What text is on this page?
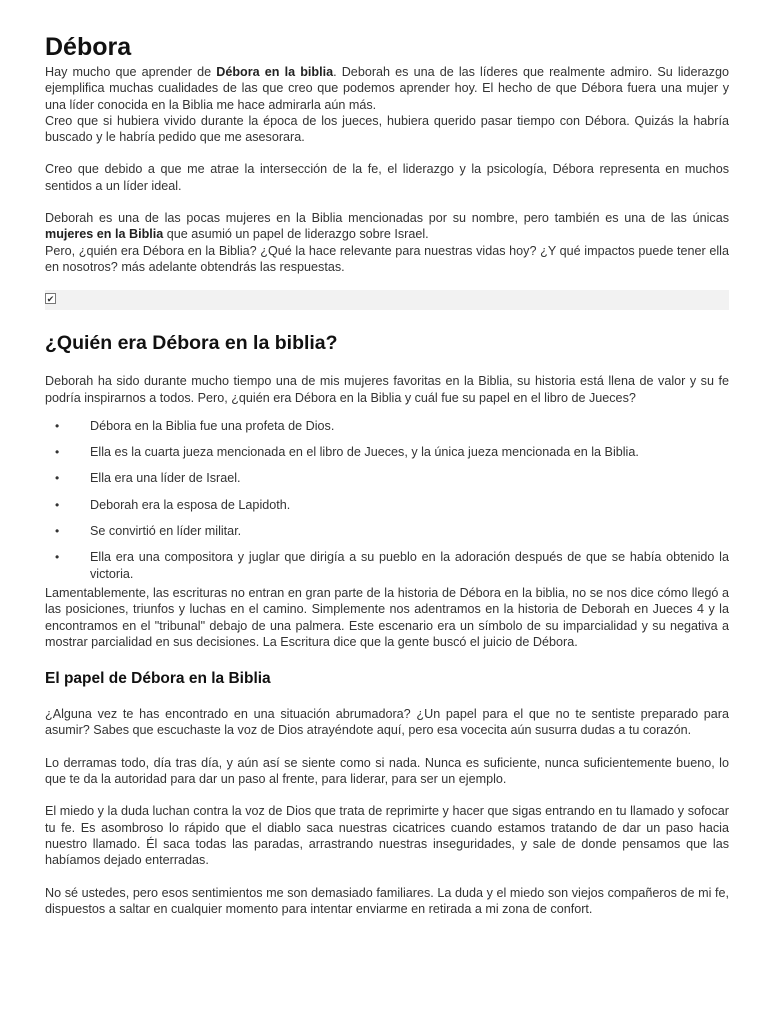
Débora

Hay mucho que aprender de Débora en la biblia. Deborah es una de las líderes que realmente admiro. Su liderazgo ejemplifica muchas cualidades de las que creo que podemos aprender hoy. El hecho de que Débora fuera una mujer y una líder conocida en la Biblia me hace admirarla aún más.

Creo que si hubiera vivido durante la época de los jueces, hubiera querido pasar tiempo con Débora. Quizás la habría buscado y le habría pedido que me asesorara.

Creo que debido a que me atrae la intersección de la fe, el liderazgo y la psicología, Débora representa en muchos sentidos a un líder ideal.

Deborah es una de las pocas mujeres en la Biblia mencionadas por su nombre, pero también es una de las únicas mujeres en la Biblia que asumió un papel de liderazgo sobre Israel.

Pero, ¿quién era Débora en la Biblia? ¿Qué la hace relevante para nuestras vidas hoy? ¿Y qué impactos puede tener ella en nosotros? más adelante obtendrás las respuestas.

✔
¿Quién era Débora en la biblia?

Deborah ha sido durante mucho tiempo una de mis mujeres favoritas en la Biblia, su historia está llena de valor y su fe podría inspirarnos a todos. Pero, ¿quién era Débora en la Biblia y cuál fue su papel en el libro de Jueces?

• Débora en la Biblia fue una profeta de Dios.
• Ella es la cuarta jueza mencionada en el libro de Jueces, y la única jueza mencionada en la Biblia.
• Ella era una líder de Israel.
• Deborah era la esposa de Lapidoth.
• Se convirtió en líder militar.
• Ella era una compositora y juglar que dirigía a su pueblo en la adoración después de que se había obtenido la victoria.

Lamentablemente, las escrituras no entran en gran parte de la historia de Débora en la biblia, no se nos dice cómo llegó a las posiciones, triunfos y luchas en el camino. Simplemente nos adentramos en la historia de Deborah en Jueces 4 y la encontramos en el "tribunal" debajo de una palmera. Este escenario era un símbolo de su imparcialidad y su negativa a mostrar parcialidad en sus decisiones. La Escritura dice que la gente buscó el juicio de Débora.

El papel de Débora en la Biblia

¿Alguna vez te has encontrado en una situación abrumadora? ¿Un papel para el que no te sentiste preparado para asumir? Sabes que escuchaste la voz de Dios atrayéndote aquí, pero esa vocecita aún susurra dudas a tu corazón.

Lo derramas todo, día tras día, y aún así se siente como si nada. Nunca es suficiente, nunca suficientemente bueno, lo que te da la autoridad para dar un paso al frente, para liderar, para ser un ejemplo.

El miedo y la duda luchan contra la voz de Dios que trata de reprimirte y hacer que sigas entrando en tu llamado y sofocar tu fe. Es asombroso lo rápido que el diablo saca nuestras cicatrices cuando estamos tratando de dar un paso hacia nuestro llamado. Él saca todas las paradas, arrastrando nuestras inseguridades, y sale de donde pensamos que las habíamos dejado enterradas.

No sé ustedes, pero esos sentimientos me son demasiado familiares. La duda y el miedo son viejos compañeros de mi fe, dispuestos a saltar en cualquier momento para intentar enviarme en retirada a mi zona de confort.
